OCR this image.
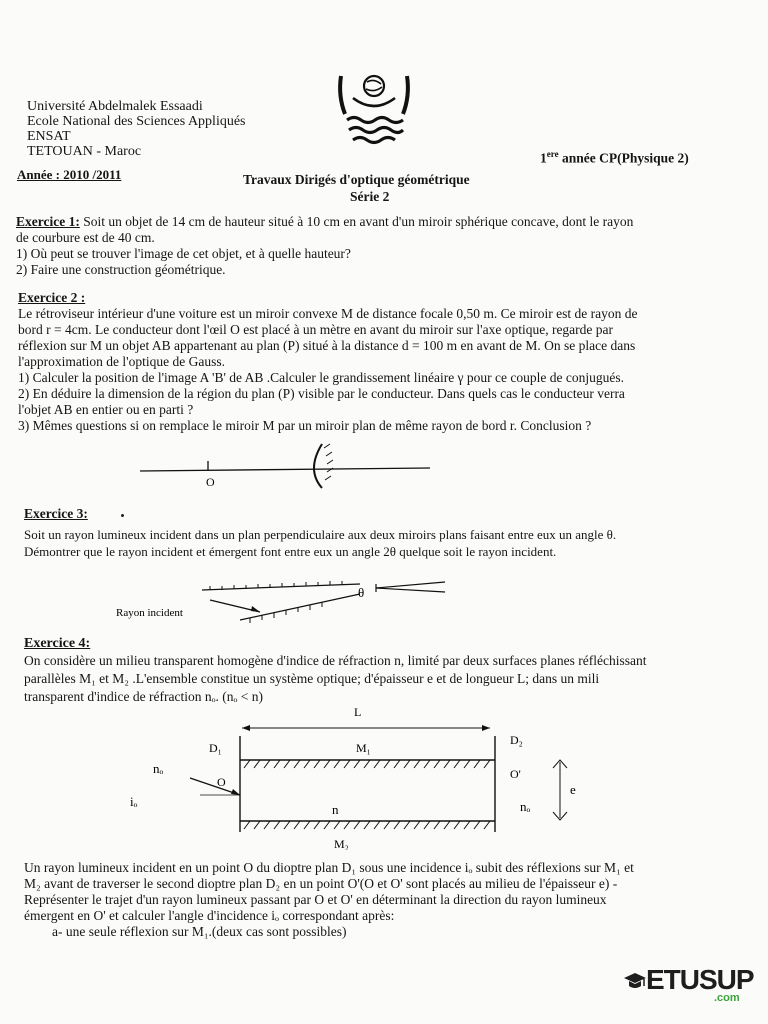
Université Abdelmalek Essaadi
Ecole National des Sciences Appliqués
ENSAT
TETOUAN - Maroc
Année : 2010 /2011
1ere année CP(Physique 2)
Travaux Dirigés d'optique géométrique
Série 2
Exercice 1: Soit un objet de 14 cm de hauteur situé à 10 cm en avant d'un miroir sphérique concave, dont le rayon
de courbure est de 40 cm.
1) Où peut se trouver l'image de cet objet, et à quelle hauteur?
2) Faire une construction géométrique.
Exercice 2 :
Le rétroviseur intérieur d'une voiture est un miroir convexe M de distance focale 0,50 m. Ce miroir est de rayon de
bord r = 4cm. Le conducteur dont l'œil O est placé à un mètre en avant du miroir sur l'axe optique, regarde par
réflexion sur M un objet AB appartenant au plan (P) situé à la distance d = 100 m en avant de M. On se place dans
l'approximation de l'optique de Gauss.
1) Calculer la position de l'image A 'B' de AB .Calculer le grandissement linéaire γ pour ce couple de conjugués.
2) En déduire la dimension de la région du plan (P) visible par le conducteur. Dans quels cas le conducteur verra
l'objet AB en entier ou en parti ?
3) Mêmes questions si on remplace le miroir M par un miroir plan de même rayon de bord r. Conclusion ?
O
Exercice 3:
Soit un rayon lumineux incident dans un plan perpendiculaire aux deux miroirs plans faisant entre eux un angle θ.
Démontrer que le rayon incident et émergent font entre eux un angle 2θ quelque soit le rayon incident.
Rayon incident
θ
Exercice 4:
On considère un milieu transparent homogène d'indice de réfraction n, limité par deux surfaces planes réfléchissant
parallèles M₁ et M₂ .L'ensemble constitue un système optique; d'épaisseur e et de longueur L; dans un mili
transparent d'indice de réfraction nₒ. (nₒ < n)
L
D₁
D₂
M₁
M₂
nₒ
nₒ
O
O'
n
iₒ
e
Un rayon lumineux incident en un point O du dioptre plan D₁ sous une incidence iₒ subit des réflexions sur M₁ et
M₂ avant de traverser le second dioptre plan D₂ en un point O'(O et O' sont placés au milieu de l'épaisseur e) -
Représenter le trajet d'un rayon lumineux passant par O et O' en déterminant la direction du rayon lumineux
émergent en O' et calculer l'angle d'incidence iₒ correspondant après:
a- une seule réflexion sur M₁.(deux cas sont possibles)
ETUSUP
.com
